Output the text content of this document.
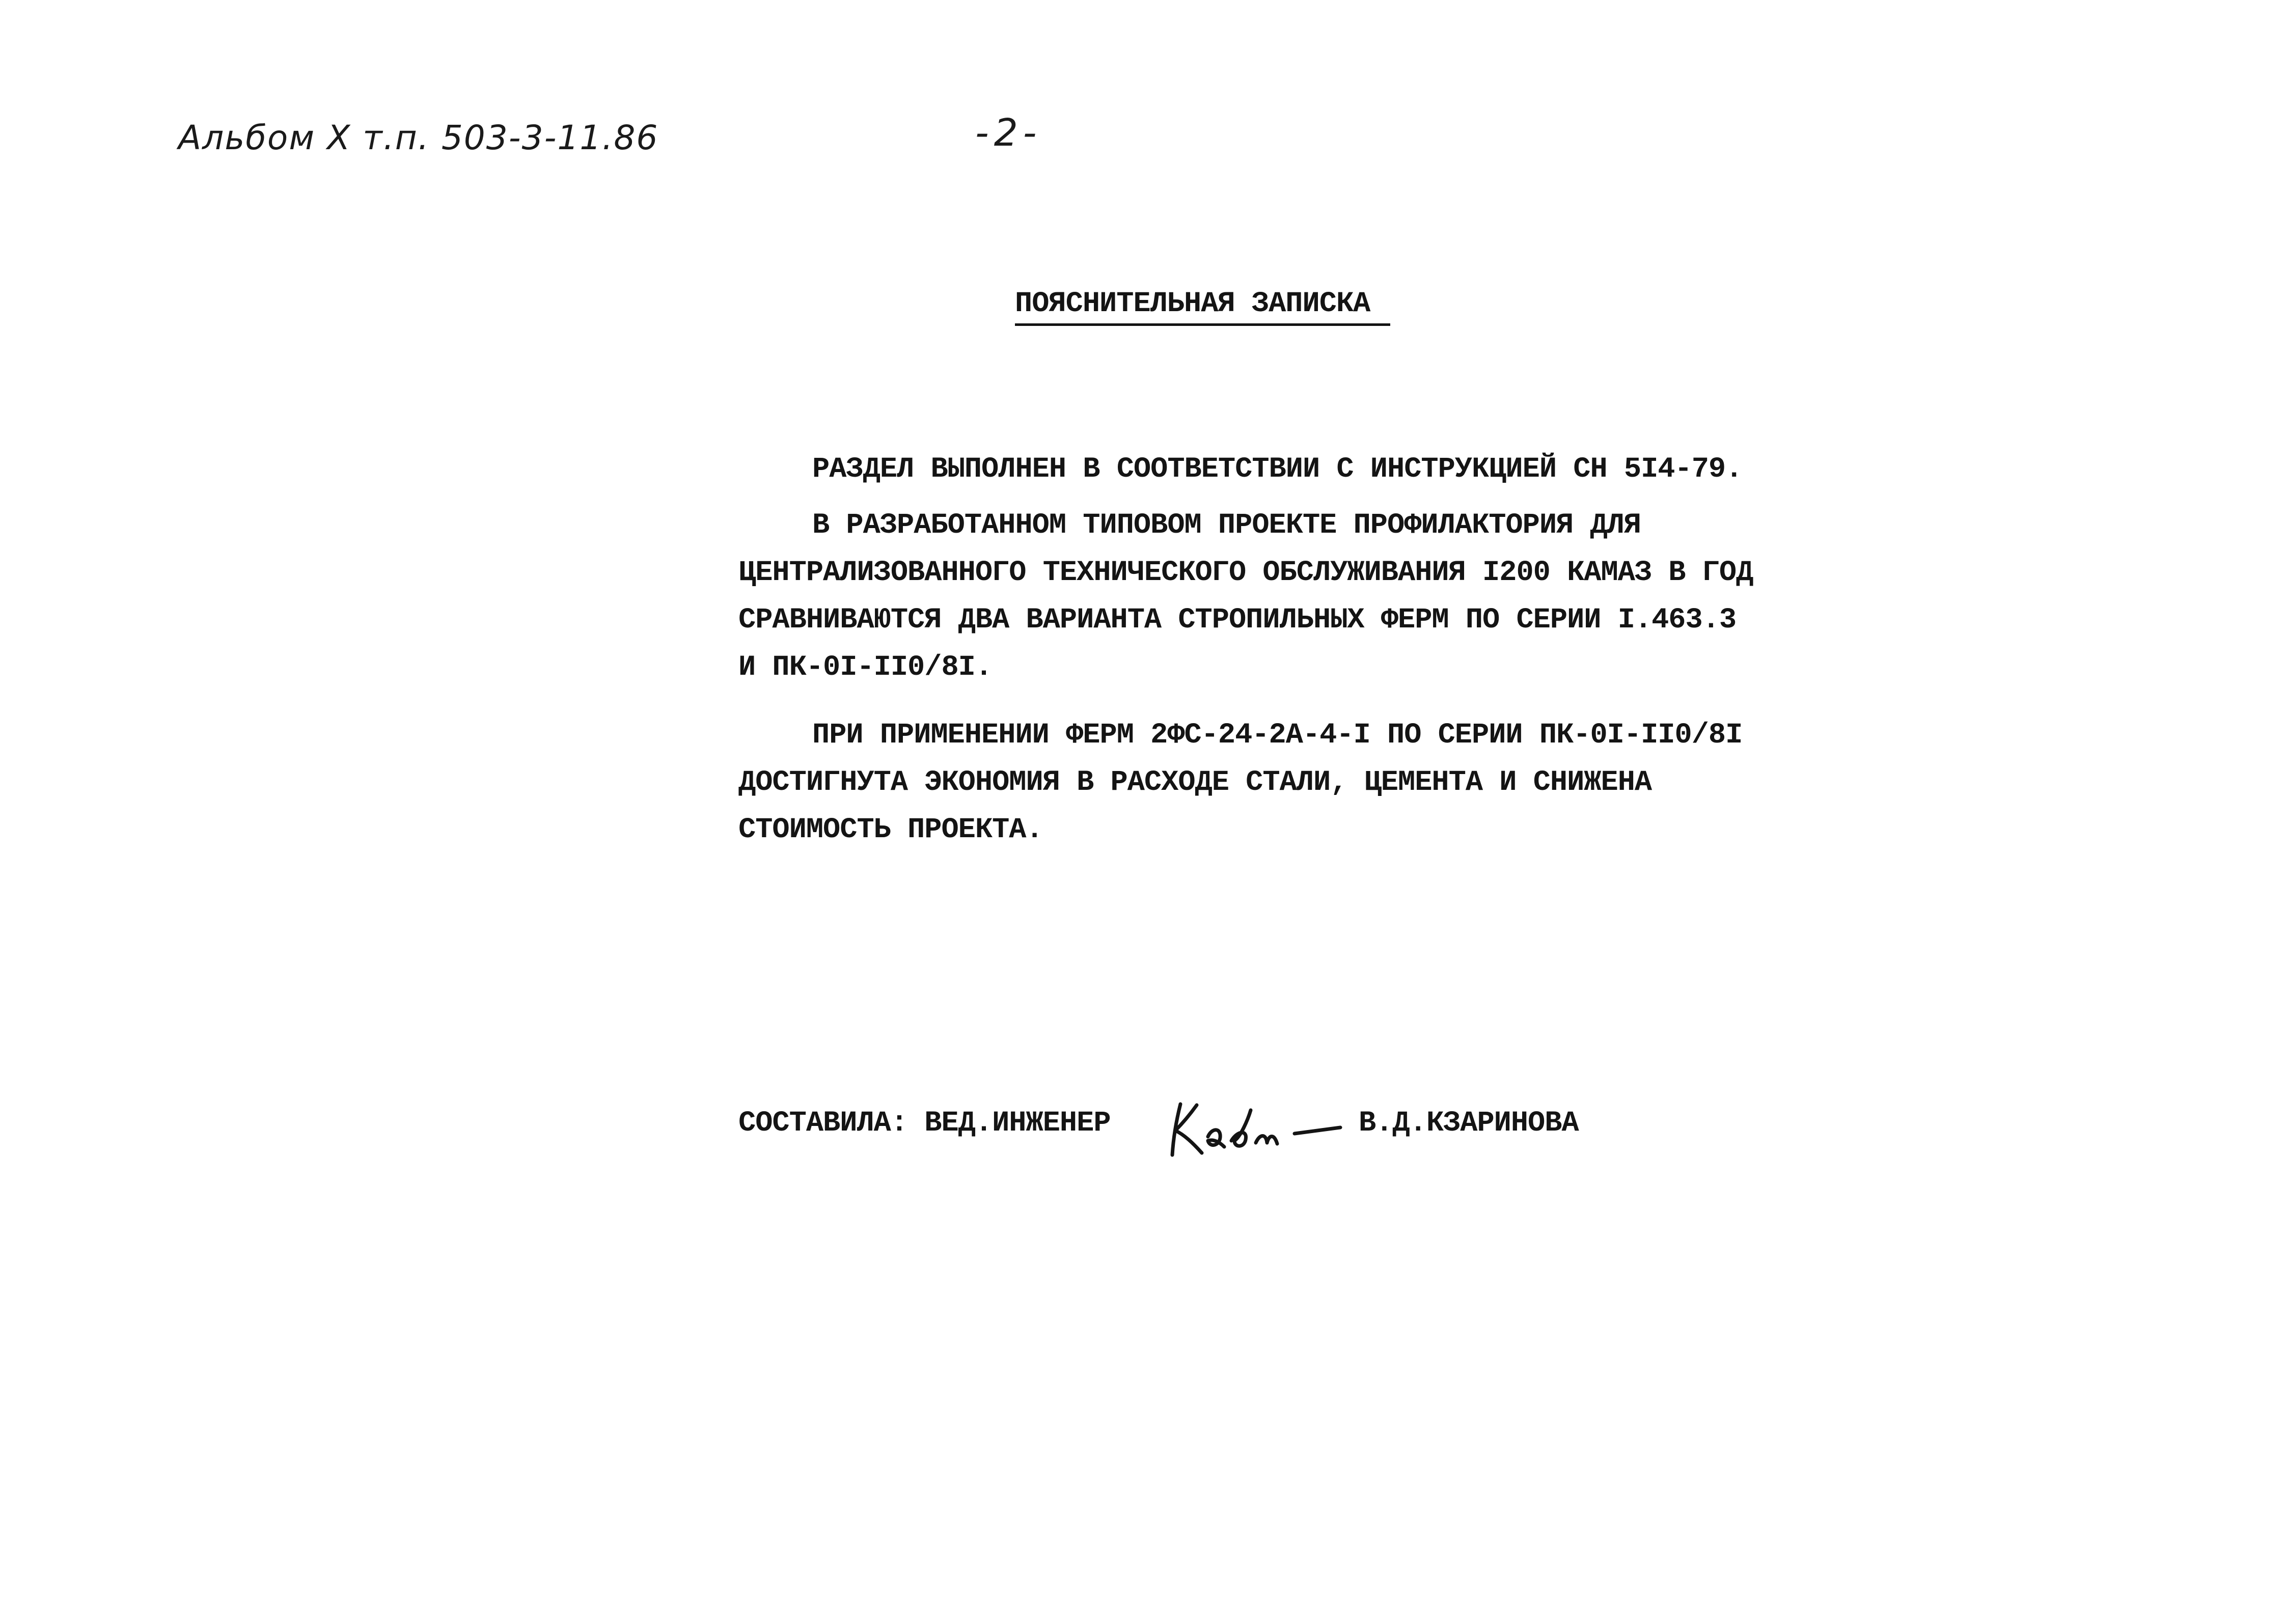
Альбом X т.п. 503-3-11.86	-2-
ПОЯСНИТЕЛЬНАЯ ЗАПИСКА
РАЗДЕЛ ВЫПОЛНЕН В СООТВЕТСТВИИ С ИНСТРУКЦИЕЙ СН 5I4-79.
В РАЗРАБОТАННОМ ТИПОВОМ ПРОЕКТЕ ПРОФИЛАКТОРИЯ ДЛЯ
ЦЕНТРАЛИЗОВАННОГО ТЕХНИЧЕСКОГО ОБСЛУЖИВАНИЯ I200 КАМАЗ В ГОД
СРАВНИВАЮТСЯ ДВА ВАРИАНТА СТРОПИЛЬНЫХ ФЕРМ ПО СЕРИИ I.463.3
И ПК-0I-II0/8I.
ПРИ ПРИМЕНЕНИИ ФЕРМ 2ФС-24-2А-4-I ПО СЕРИИ ПК-0I-II0/8I
ДОСТИГНУТА ЭКОНОМИЯ В РАСХОДЕ СТАЛИ, ЦЕМЕНТА И СНИЖЕНА
СТОИМОСТЬ ПРОЕКТА.
СОСТАВИЛА: ВЕД.ИНЖЕНЕР	В.Д.КЗАРИНОВА
